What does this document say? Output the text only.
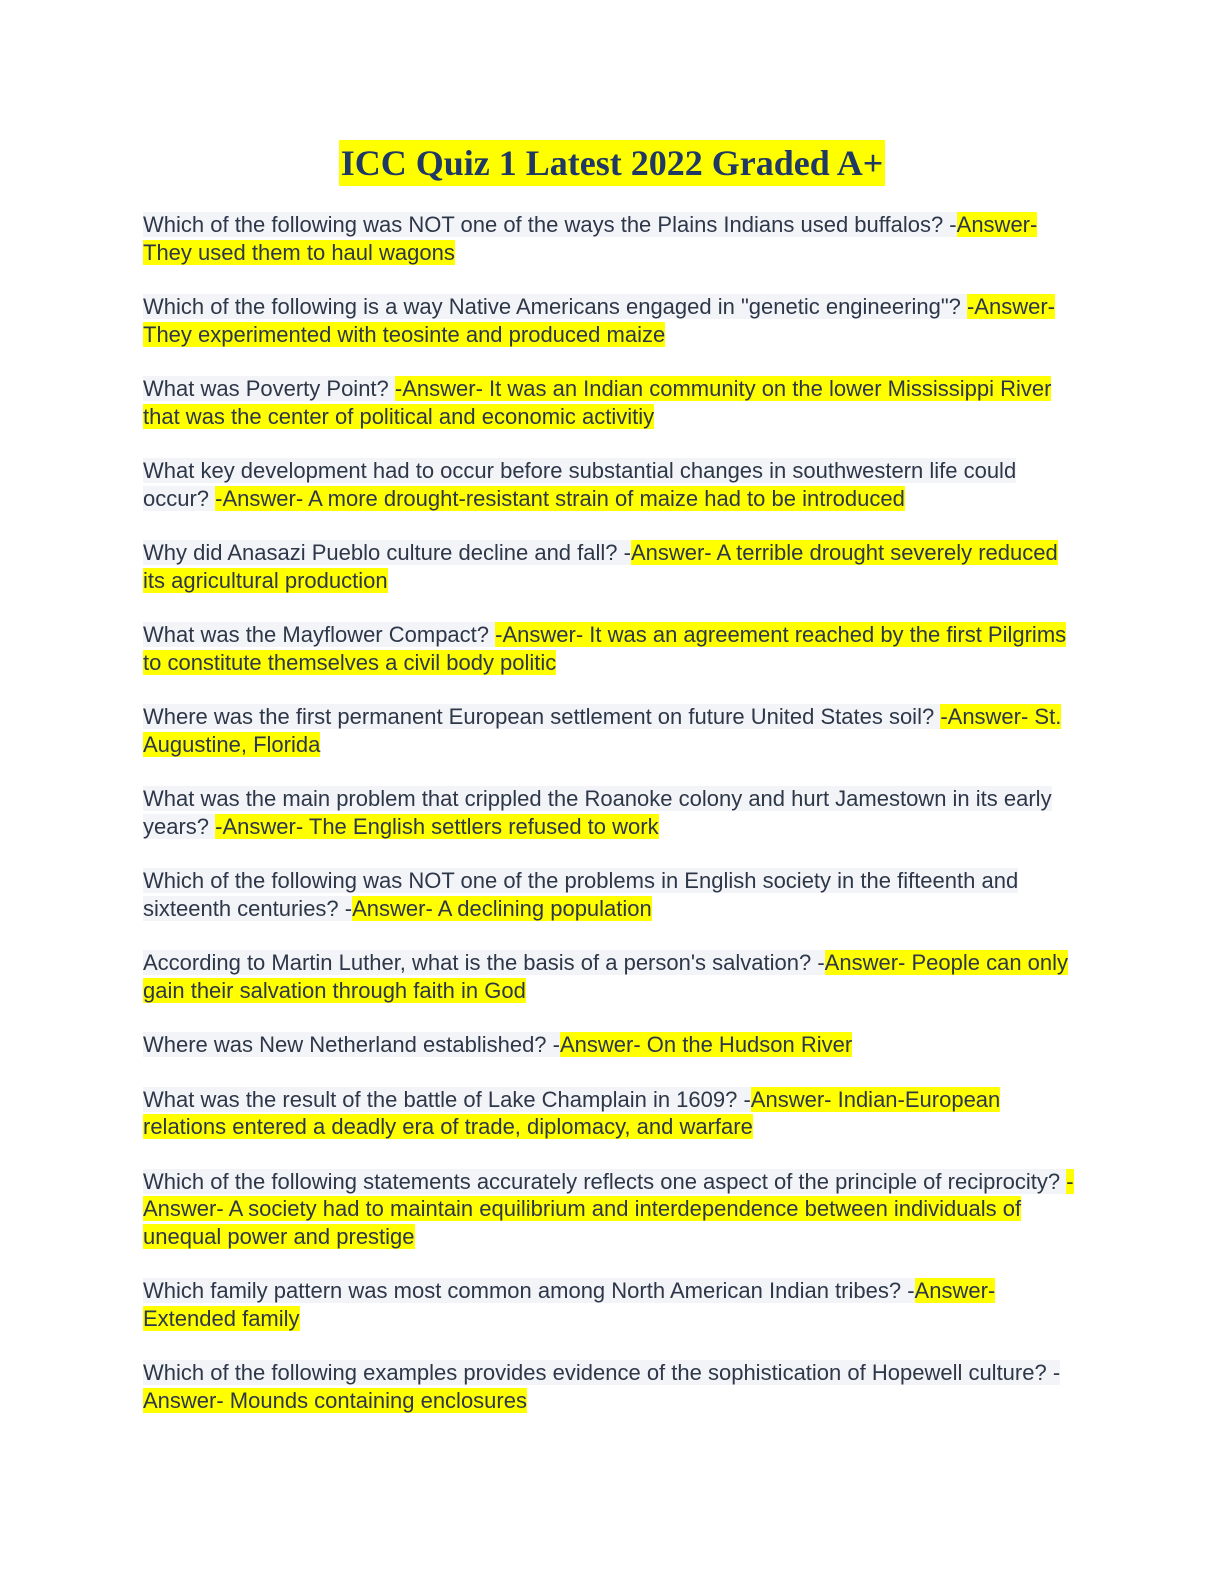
ICC Quiz 1 Latest 2022 Graded A+

Which of the following was NOT one of the ways the Plains Indians used buffalos? -Answer- They used them to haul wagons

Which of the following is a way Native Americans engaged in "genetic engineering"? -Answer- They experimented with teosinte and produced maize

What was Poverty Point? -Answer- It was an Indian community on the lower Mississippi River that was the center of political and economic activitiy

What key development had to occur before substantial changes in southwestern life could occur? -Answer- A more drought-resistant strain of maize had to be introduced

Why did Anasazi Pueblo culture decline and fall? -Answer- A terrible drought severely reduced its agricultural production

What was the Mayflower Compact? -Answer- It was an agreement reached by the first Pilgrims to constitute themselves a civil body politic

Where was the first permanent European settlement on future United States soil? -Answer- St. Augustine, Florida

What was the main problem that crippled the Roanoke colony and hurt Jamestown in its early years? -Answer- The English settlers refused to work

Which of the following was NOT one of the problems in English society in the fifteenth and sixteenth centuries? -Answer- A declining population

According to Martin Luther, what is the basis of a person's salvation? -Answer- People can only gain their salvation through faith in God

Where was New Netherland established? -Answer- On the Hudson River

What was the result of the battle of Lake Champlain in 1609? -Answer- Indian-European relations entered a deadly era of trade, diplomacy, and warfare

Which of the following statements accurately reflects one aspect of the principle of reciprocity? -Answer- A society had to maintain equilibrium and interdependence between individuals of unequal power and prestige

Which family pattern was most common among North American Indian tribes? -Answer- Extended family

Which of the following examples provides evidence of the sophistication of Hopewell culture? -Answer- Mounds containing enclosures
